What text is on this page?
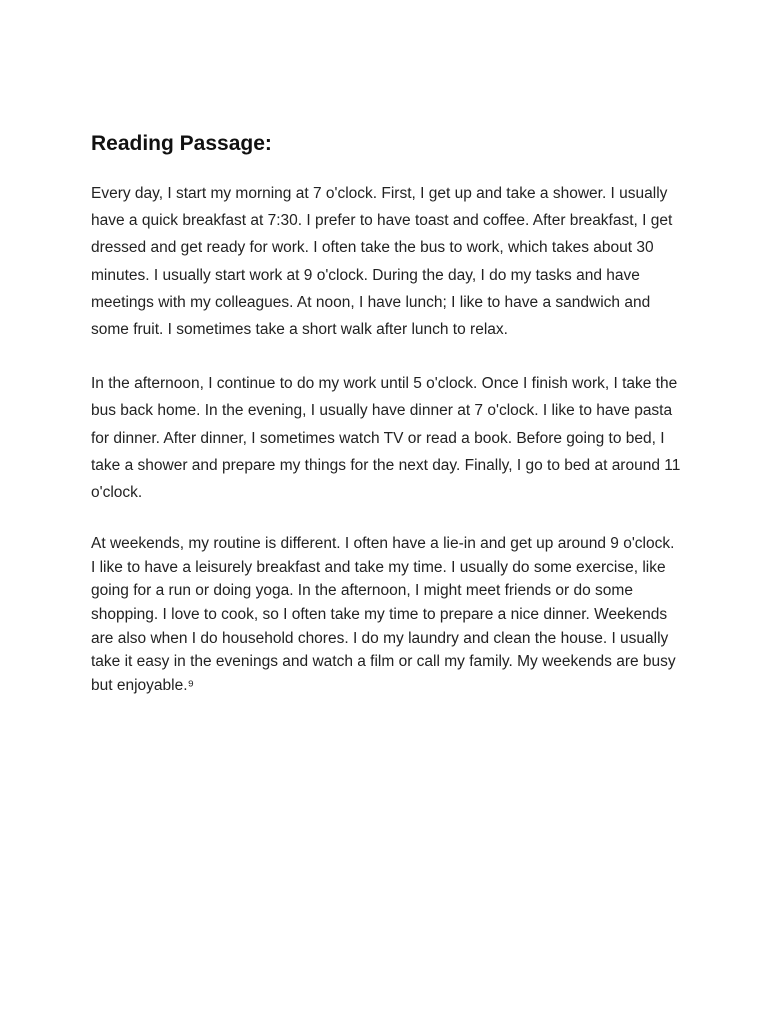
Reading Passage:

Every day, I start my morning at 7 o'clock. First, I get up and take a shower. I usually have a quick breakfast at 7:30. I prefer to have toast and coffee. After breakfast, I get dressed and get ready for work. I often take the bus to work, which takes about 30 minutes. I usually start work at 9 o'clock. During the day, I do my tasks and have meetings with my colleagues. At noon, I have lunch; I like to have a sandwich and some fruit. I sometimes take a short walk after lunch to relax.

In the afternoon, I continue to do my work until 5 o'clock. Once I finish work, I take the bus back home. In the evening, I usually have dinner at 7 o'clock. I like to have pasta for dinner. After dinner, I sometimes watch TV or read a book. Before going to bed, I take a shower and prepare my things for the next day. Finally, I go to bed at around 11 o'clock.

At weekends, my routine is different. I often have a lie-in and get up around 9 o'clock. I like to have a leisurely breakfast and take my time. I usually do some exercise, like going for a run or doing yoga. In the afternoon, I might meet friends or do some shopping. I love to cook, so I often take my time to prepare a nice dinner. Weekends are also when I do household chores. I do my laundry and clean the house. I usually take it easy in the evenings and watch a film or call my family. My weekends are busy but enjoyable.⁹
